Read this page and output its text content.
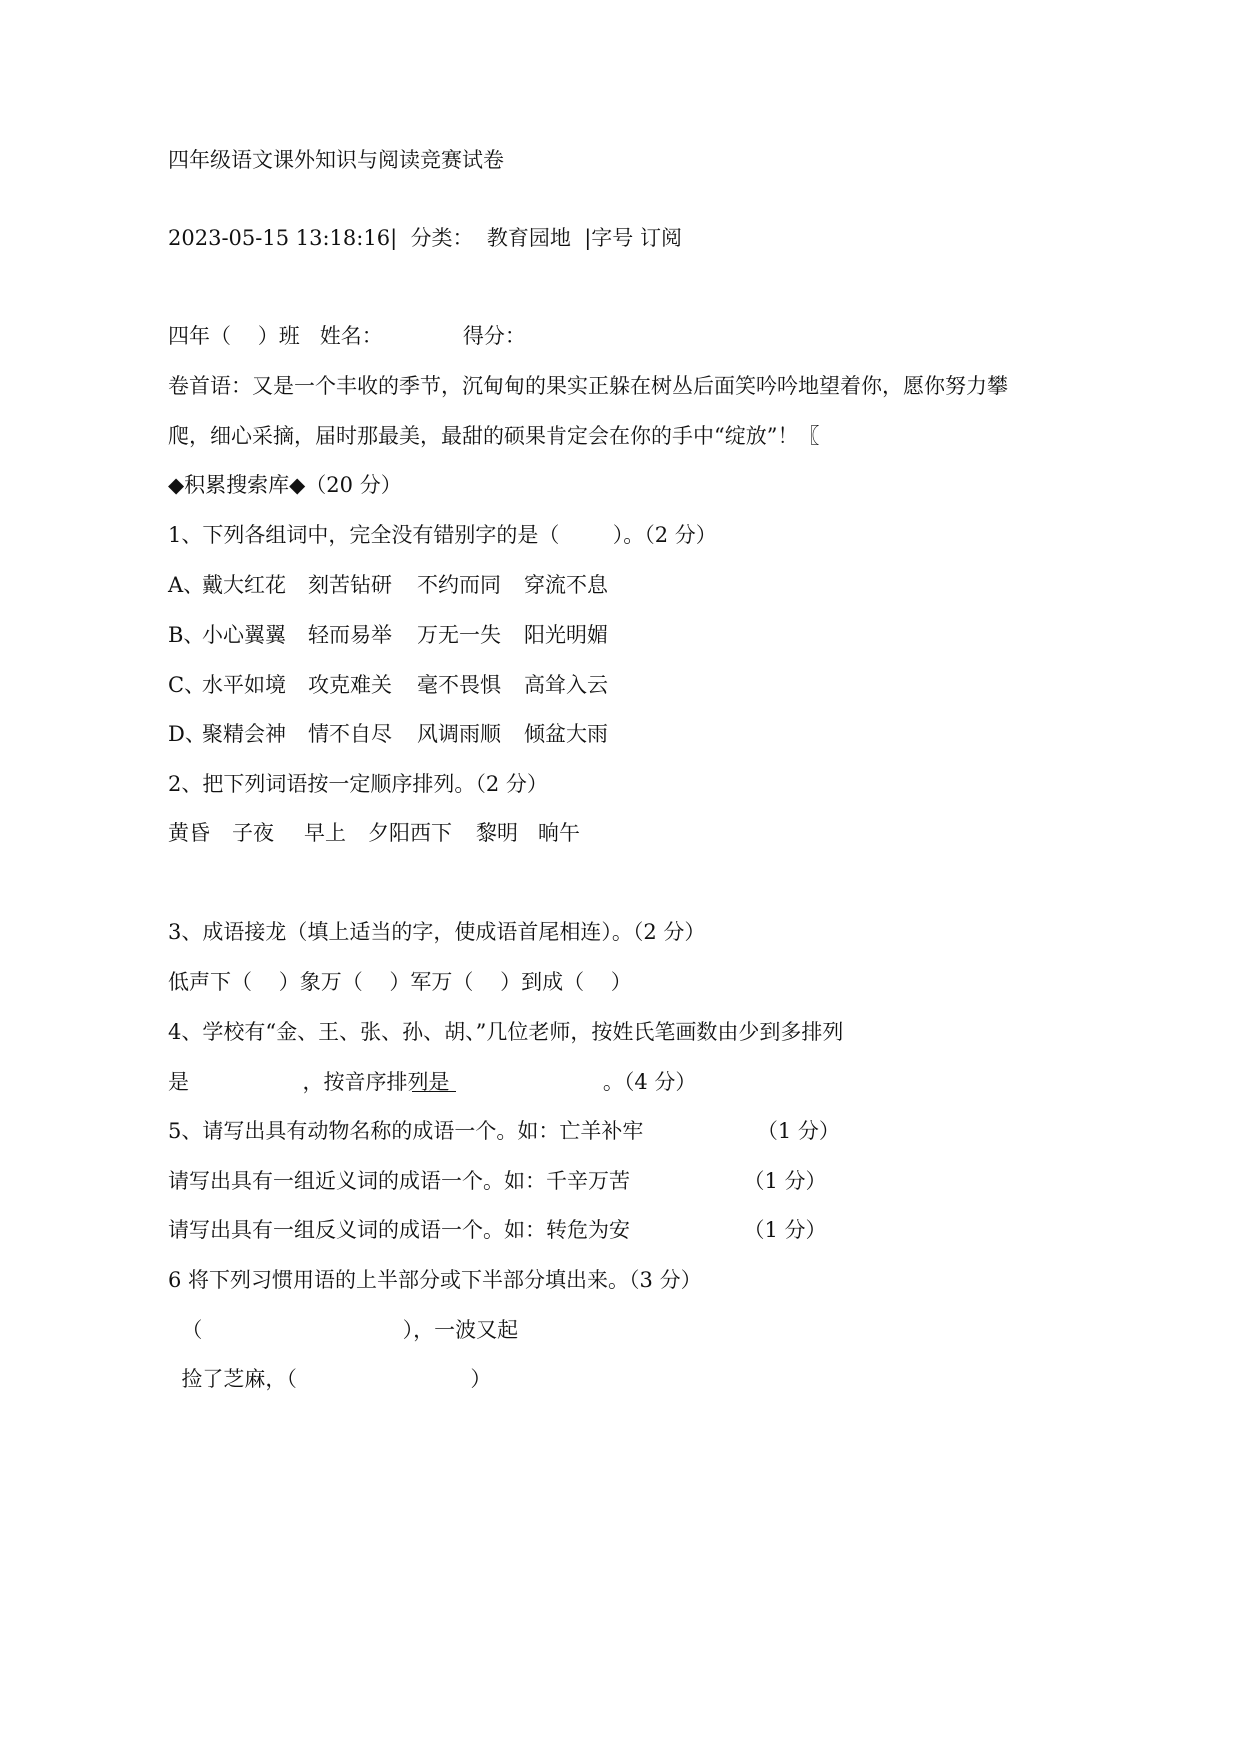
四年级语文课外知识与阅读竞赛试卷
2023-05-15 13:18:16|  分类：  教育园地  |字号 订阅
四年（    ）班   姓名：            得分：
卷首语：又是一个丰收的季节，沉甸甸的果实正躲在树丛后面笑吟吟地望着你，愿你努力攀
爬，细心采摘，届时那最美，最甜的硕果肯定会在你的手中“绽放”！〖
◆积累搜索库◆（20 分）
1、下列各组词中，完全没有错别字的是（        ）。（2 分）

A、

戴大红花

刻苦钻研

不约而同

穿流不息

B、

小心翼翼

轻而易举

万无一失

阳光明媚

C、

水平如境

攻克难关

毫不畏惧

高耸入云

D、

聚精会神

情不自尽

风调雨顺

倾盆大雨

2、把下列词语按一定顺序排列。（2 分）

黄昏

子夜

早上

夕阳西下

黎明

晌午

3、成语接龙（填上适当的字，使成语首尾相连）。（2 分）
低声下（    ）象万（    ）军万（    ）到成（    ）
4、学校有“金、王、张、孙、胡、”几位老师，按姓氏笔画数由少到多排列

是                 ，按音序排列是

。（4 分）

5、请写出具有动物名称的成语一个。如：亡羊补牢                 （1 分）
请写出具有一组近义词的成语一个。如：千辛万苦                 （1 分）
请写出具有一组反义词的成语一个。如：转危为安                 （1 分）
6 将下列习惯用语的上半部分或下半部分填出来。（3 分）
（                              ），一波又起
捡了芝麻，（                          ）
